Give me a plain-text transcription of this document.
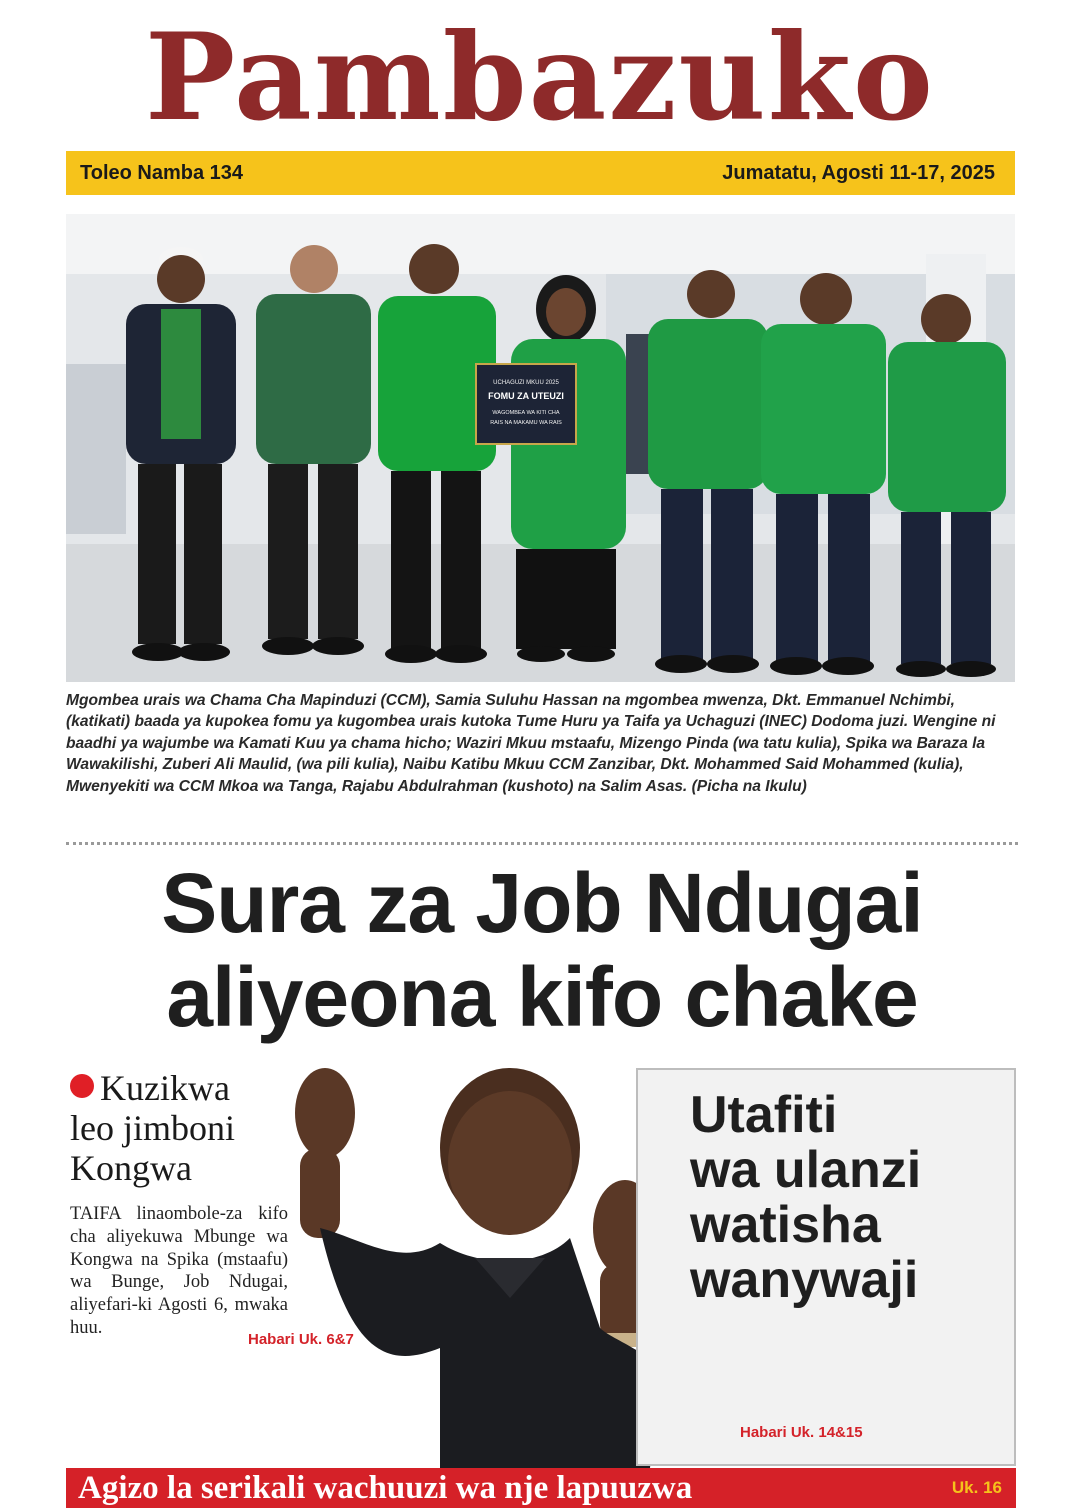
Pambazuko
Toleo Namba 134	Jumatatu, Agosti 11-17, 2025
UCHAGUZI MKUU 2025
FOMU ZA UTEUZI
WAGOMBEA WA KITI CHA
RAIS NA MAKAMU WA RAIS
Mgombea urais wa Chama Cha Mapinduzi (CCM), Samia Suluhu Hassan na mgombea mwenza, Dkt. Emmanuel Nchimbi, (katikati) baada ya kupokea fomu ya kugombea urais kutoka Tume Huru ya Taifa ya Uchaguzi (INEC) Dodoma juzi. Wengine ni baadhi ya wajumbe wa Kamati Kuu ya chama hicho; Waziri Mkuu mstaafu, Mizengo Pinda (wa tatu kulia), Spika wa Baraza la Wawakilishi, Zuberi Ali Maulid, (wa pili kulia), Naibu Katibu Mkuu CCM Zanzibar, Dkt. Mohammed Said Mohammed (kulia), Mwenyekiti wa CCM Mkoa wa Tanga, Rajabu Abdulrahman (kushoto) na Salim Asas. (Picha na Ikulu)
Sura za Job Ndugai
aliyeona kifo chake
Kuzikwa
leo jimboni
Kongwa
TAIFA linaombole-za kifo cha aliyekuwa Mbunge wa Kongwa na Spika (mstaafu) wa Bunge, Job Ndugai, aliyefari-ki Agosti 6, mwaka huu.
Habari Uk. 6&7
Utafiti
wa ulanzi
watisha
wanywaji
Habari Uk. 14&15
Agizo la serikali wachuuzi wa nje lapuuzwa	Uk. 16
